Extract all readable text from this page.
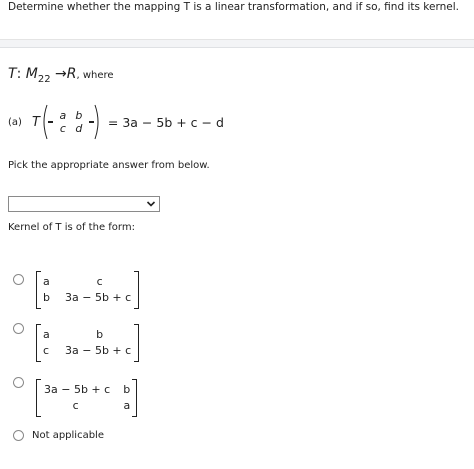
Determine whether the mapping T is a linear transformation, and if so, find its kernel.
T: $M_{22} \to R$, where
(a) T	a b
c d	= 3a − 5b + c − d
Pick the appropriate answer from below.
Kernel of T is of the form:
a	c
b	3a − 5b + c
a	b
c	3a − 5b + c
3a − 5b + c	b
c	a
Not applicable
